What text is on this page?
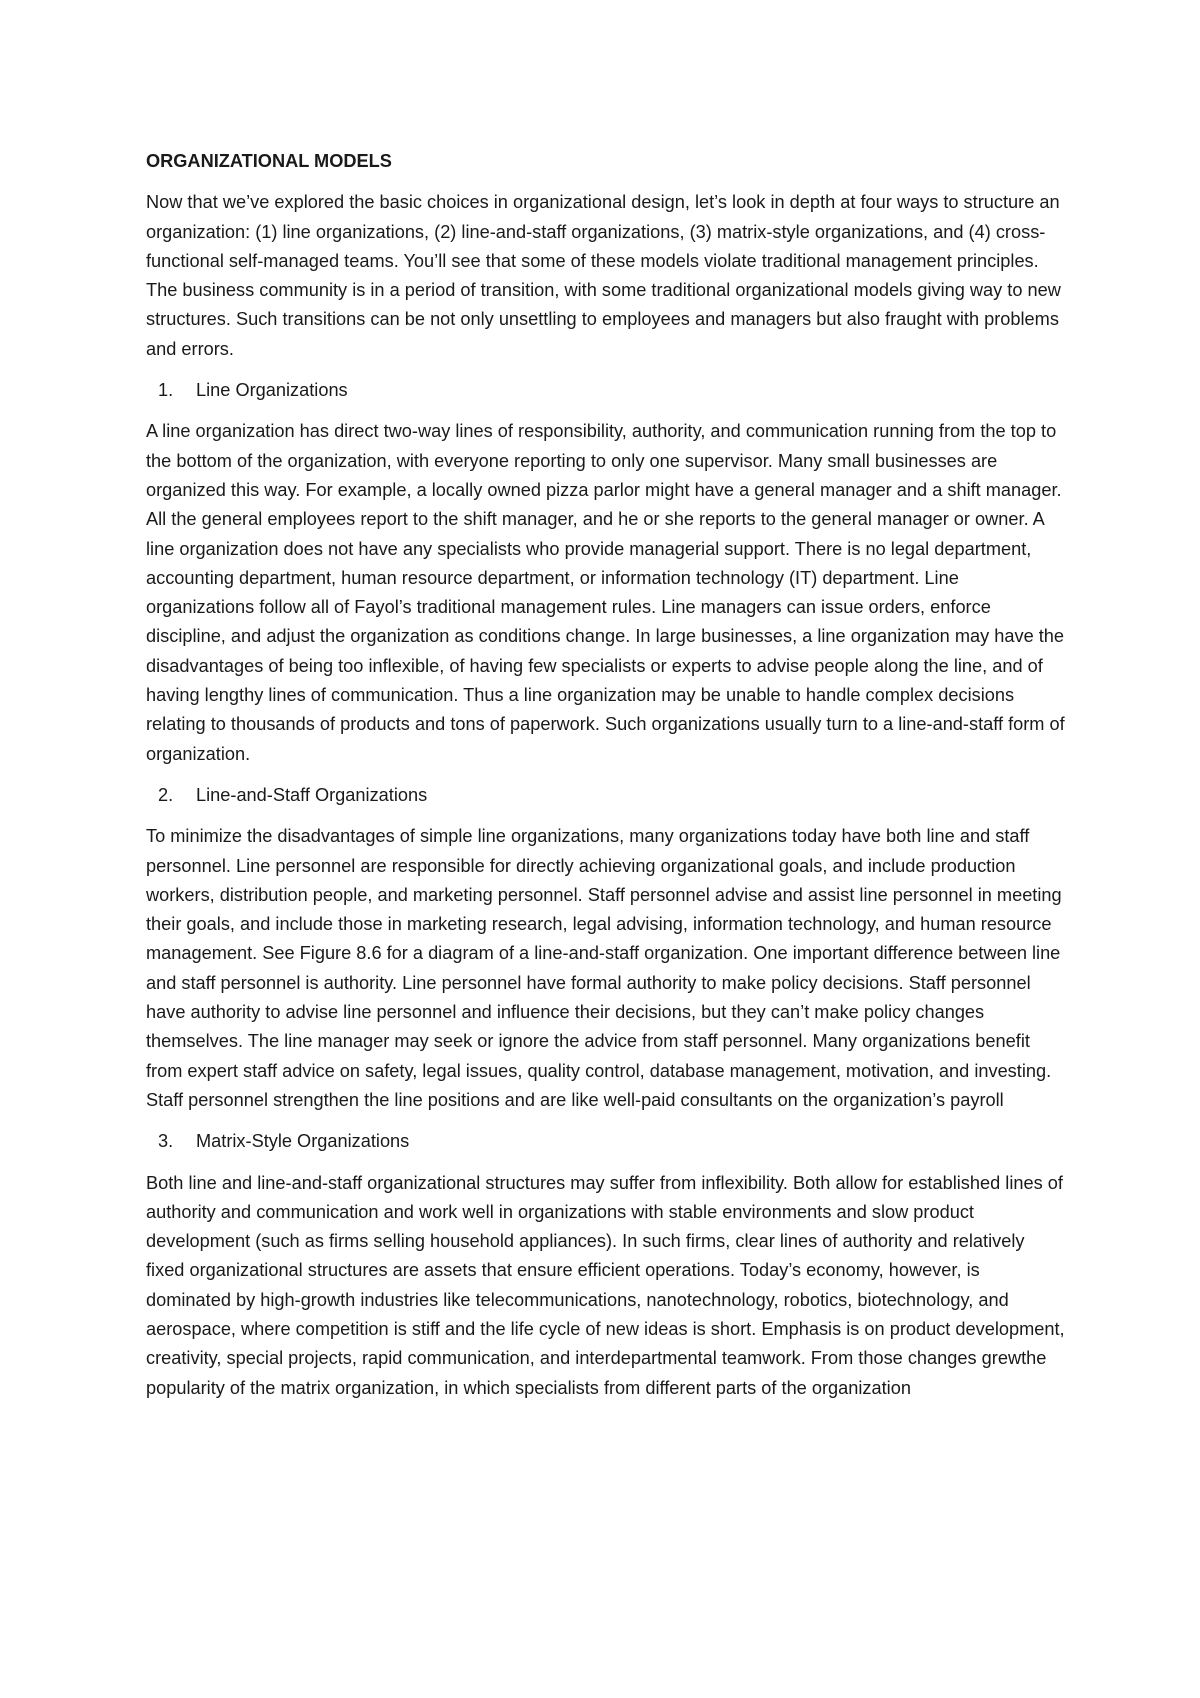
ORGANIZATIONAL MODELS

Now that we’ve explored the basic choices in organizational design, let’s look in depth at four ways to structure an organization: (1) line organizations, (2) line-and-staff organizations, (3) matrix-style organizations, and (4) cross-functional self-managed teams. You’ll see that some of these models violate traditional management principles. The business community is in a period of transition, with some traditional organizational models giving way to new structures. Such transitions can be not only unsettling to employees and managers but also fraught with problems and errors.

1.	Line Organizations

A line organization has direct two-way lines of responsibility, authority, and communication running from the top to the bottom of the organization, with everyone reporting to only one supervisor. Many small businesses are organized this way. For example, a locally owned pizza parlor might have a general manager and a shift manager. All the general employees report to the shift manager, and he or she reports to the general manager or owner. A line organization does not have any specialists who provide managerial support. There is no legal department, accounting department, human resource department, or information technology (IT) department. Line organizations follow all of Fayol’s traditional management rules. Line managers can issue orders, enforce discipline, and adjust the organization as conditions change. In large businesses, a line organization may have the disadvantages of being too inflexible, of having few specialists or experts to advise people along the line, and of having lengthy lines of communication. Thus a line organization may be unable to handle complex decisions relating to thousands of products and tons of paperwork. Such organizations usually turn to a line-and-staff form of organization.

2.	Line-and-Staff Organizations

To minimize the disadvantages of simple line organizations, many organizations today have both line and staff personnel. Line personnel are responsible for directly achieving organizational goals, and include production workers, distribution people, and marketing personnel. Staff personnel advise and assist line personnel in meeting their goals, and include those in marketing research, legal advising, information technology, and human resource management. See Figure 8.6 for a diagram of a line-and-staff organization. One important difference between line and staff personnel is authority. Line personnel have formal authority to make policy decisions. Staff personnel have authority to advise line personnel and influence their decisions, but they can’t make policy changes themselves. The line manager may seek or ignore the advice from staff personnel. Many organizations benefit from expert staff advice on safety, legal issues, quality control, database management, motivation, and investing. Staff personnel strengthen the line positions and are like well-paid consultants on the organization’s payroll

3.	Matrix-Style Organizations

Both line and line-and-staff organizational structures may suffer from inflexibility. Both allow for established lines of authority and communication and work well in organizations with stable environments and slow product development (such as firms selling household appliances). In such firms, clear lines of authority and relatively fixed organizational structures are assets that ensure efficient operations. Today’s economy, however, is dominated by high-growth industries like telecommunications, nanotechnology, robotics, biotechnology, and aerospace, where competition is stiff and the life cycle of new ideas is short. Emphasis is on product development, creativity, special projects, rapid communication, and interdepartmental teamwork. From those changes grewthe popularity of the matrix organization, in which specialists from different parts of the organization
